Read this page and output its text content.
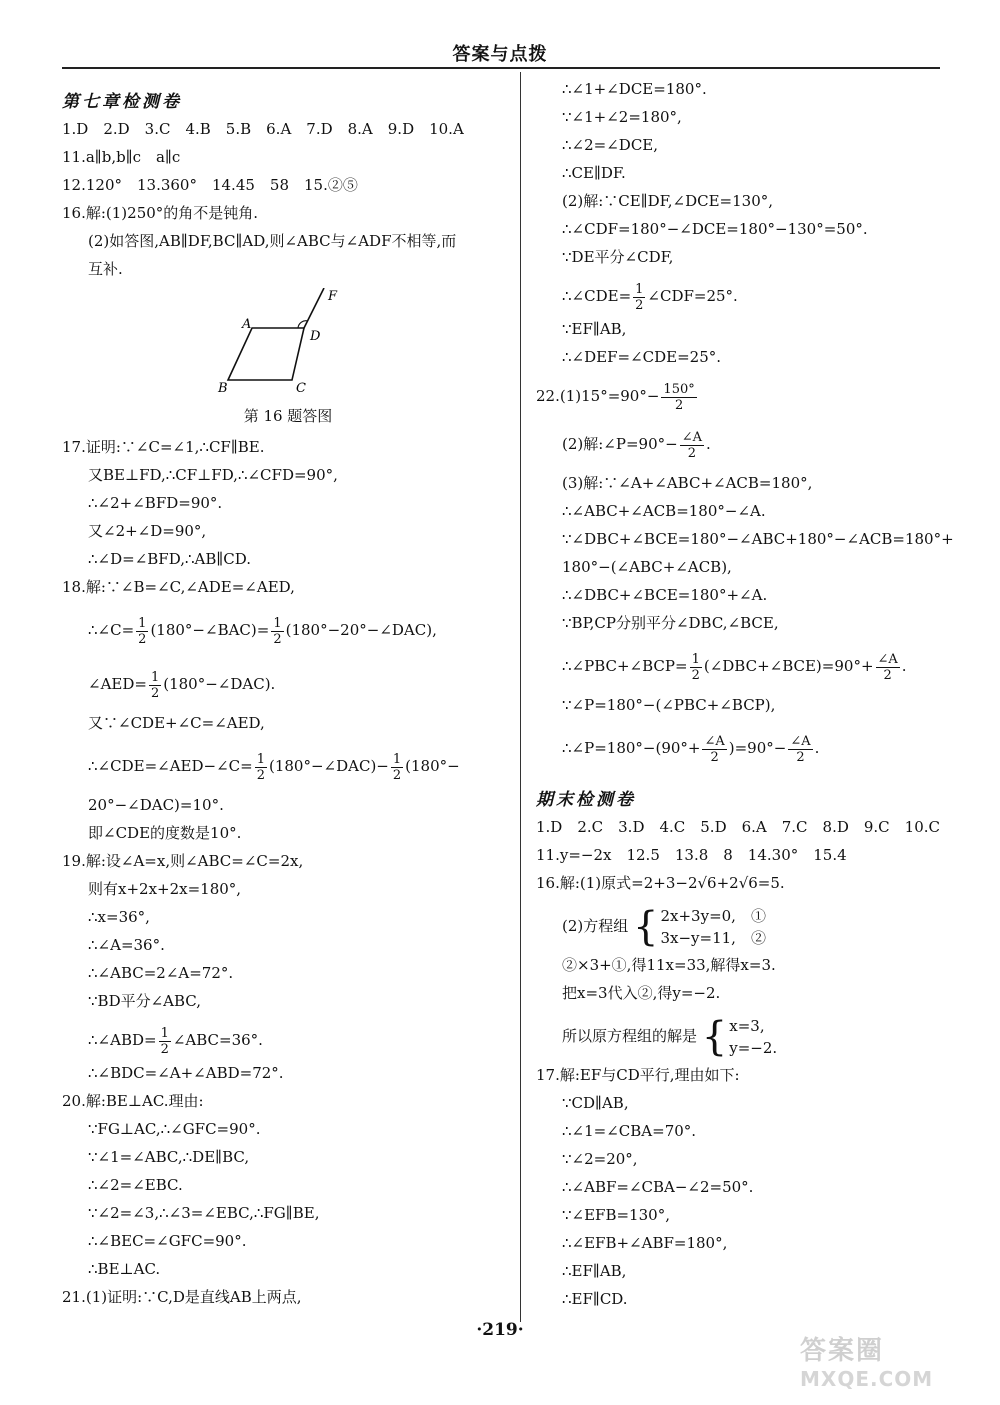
答案与点拨
第七章检测卷
1.D　2.D　3.C　4.B　5.B　6.A　7.D　8.A　9.D　10.A
11.a∥b,b∥c　a∥c
12.120°　13.360°　14.45　58　15.②⑤
16.解:(1)250°的角不是钝角.
(2)如答图,AB∥DF,BC∥AD,则∠ABC与∠ADF不相等,而
互补.
A
D
B	C
F
第 16 题答图
17.证明:∵∠C=∠1,∴CF∥BE.
又BE⊥FD,∴CF⊥FD,∴∠CFD=90°,
∴∠2+∠BFD=90°.
又∠2+∠D=90°,
∴∠D=∠BFD,∴AB∥CD.
18.解:∵∠B=∠C,∠ADE=∠AED,
∴∠C= $\frac{1}{2}$ (180°−∠BAC)= $\frac{1}{2}$ (180°−20°−∠DAC),
∠AED= $\frac{1}{2}$ (180°−∠DAC).
又∵∠CDE+∠C=∠AED,
∴∠CDE=∠AED−∠C= $\frac{1}{2}$ (180°−∠DAC)− $\frac{1}{2} (180^\circ-$
20°−∠DAC)=10°.
即∠CDE的度数是10°.
19.解:设∠A=x,则∠ABC=∠C=2x,
则有x+2x+2x=180°,
∴x=36°,
∴∠A=36°.
∴∠ABC=2∠A=72°.
∵BD平分∠ABC,
∴∠ABD= $\frac{1}{2}$ ∠ABC=36°.
∴∠BDC=∠A+∠ABD=72°.
20.解:BE⊥AC.理由:
∵FG⊥AC,∴∠GFC=90°.
∵∠1=∠ABC,∴DE∥BC,
∴∠2=∠EBC.
∵∠2=∠3,∴∠3=∠EBC,∴FG∥BE,
∴∠BEC=∠GFC=90°.
∴BE⊥AC.
21.(1)证明:∵C,D是直线AB上两点,
∴∠1+∠DCE=180°.
∵∠1+∠2=180°,
∴∠2=∠DCE,
∴CE∥DF.
(2)解:∵CE∥DF,∠DCE=130°,
∴∠CDF=180°−∠DCE=180°−130°=50°.
∵DE平分∠CDF,
∴∠CDE= $\frac{1}{2}$ ∠CDF=25°.
∵EF∥AB,
∴∠DEF=∠CDE=25°.
$22.(1)15^\circ=90^\circ- \frac{150^\circ}{2}$
(2)解:∠P=90°− $\frac{\angle A}{2}$ .
(3)解:∵∠A+∠ABC+∠ACB=180°,
∴∠ABC+∠ACB=180°−∠A.
∵∠DBC+∠BCE=180°−∠ABC+180°−∠ACB=180°+
180°−(∠ABC+∠ACB),
∴∠DBC+∠BCE=180°+∠A.
∵BP,CP分别平分∠DBC,∠BCE,
∴∠PBC+∠BCP= $\frac{1}{2}$ (∠DBC+∠BCE)=90°+ $\frac{\angle A}{2}$ .
∵∠P=180°−(∠PBC+∠BCP),
∴∠P=180°−(90°+ $\frac{\angle A}{2} )=90^\circ- \frac{\angle A}{2}$ .
期末检测卷
1.D　2.C　3.D　4.C　5.D　6.A　7.C　8.D　9.C　10.C
11.y=−2x　12.5　13.8　8　14.30°　15.4
16.解:(1)原式=2+3−2√6+2√6=5.
(2)方程组 { 2x+3y=0,　①
3x−y=11,　②
②×3+①,得11x=33,解得x=3.
把x=3代入②,得y=−2.
所以原方程组的解是 { x=3,
y=−2.
17.解:EF与CD平行,理由如下:
∵CD∥AB,
∴∠1=∠CBA=70°.
∵∠2=20°,
∴∠ABF=∠CBA−∠2=50°.
∵∠EFB=130°,
∴∠EFB+∠ABF=180°,
∴EF∥AB,
∴EF∥CD.
·219·
答案圈
MXQE.COM
